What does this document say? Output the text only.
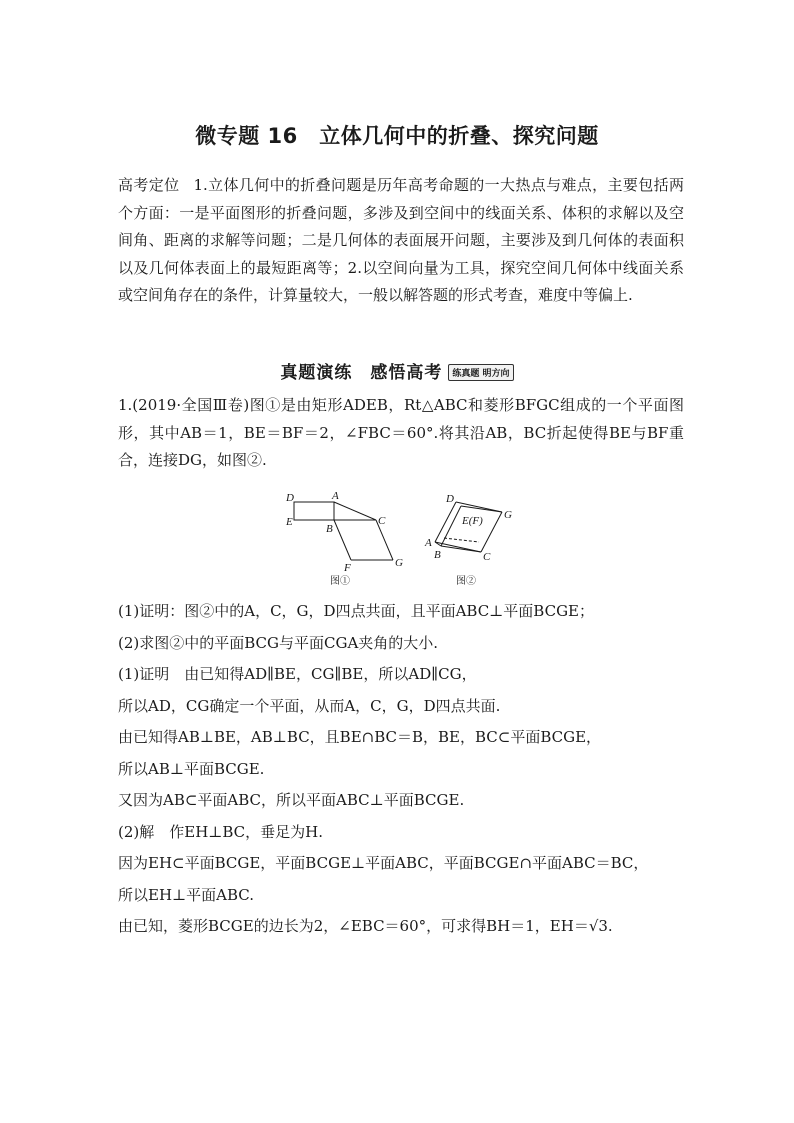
微专题 16　立体几何中的折叠、探究问题
高考定位 1.立体几何中的折叠问题是历年高考命题的一大热点与难点，主要包括两个方面：一是平面图形的折叠问题，多涉及到空间中的线面关系、体积的求解以及空间角、距离的求解等问题；二是几何体的表面展开问题，主要涉及到几何体的表面积以及几何体表面上的最短距离等；2.以空间向量为工具，探究空间几何体中线面关系或空间角存在的条件，计算量较大，一般以解答题的形式考查，难度中等偏上.
真题演练　感悟高考 练真题 明方向
1.(2019·全国Ⅲ卷)图①是由矩形ADEB，Rt△ABC和菱形BFGC组成的一个平面图形，其中AB＝1，BE＝BF＝2，∠FBC＝60°.将其沿AB，BC折起使得BE与BF重合，连接DG，如图②.
D	A
E
B
C
F	G
图①
D
E(F) G
A
B	C
图②
(1)证明：图②中的A，C，G，D四点共面，且平面ABC⊥平面BCGE；
(2)求图②中的平面BCG与平面CGA夹角的大小.
(1)证明　由已知得AD∥BE，CG∥BE，所以AD∥CG，
所以AD，CG确定一个平面，从而A，C，G，D四点共面.
由已知得AB⊥BE，AB⊥BC，且BE∩BC＝B，BE，BC⊂平面BCGE，
所以AB⊥平面BCGE.
又因为AB⊂平面ABC，所以平面ABC⊥平面BCGE.
(2)解　作EH⊥BC，垂足为H.
因为EH⊂平面BCGE，平面BCGE⊥平面ABC，平面BCGE∩平面ABC＝BC，
所以EH⊥平面ABC.
由已知，菱形BCGE的边长为2，∠EBC＝60°，可求得BH＝1，EH＝√3.
